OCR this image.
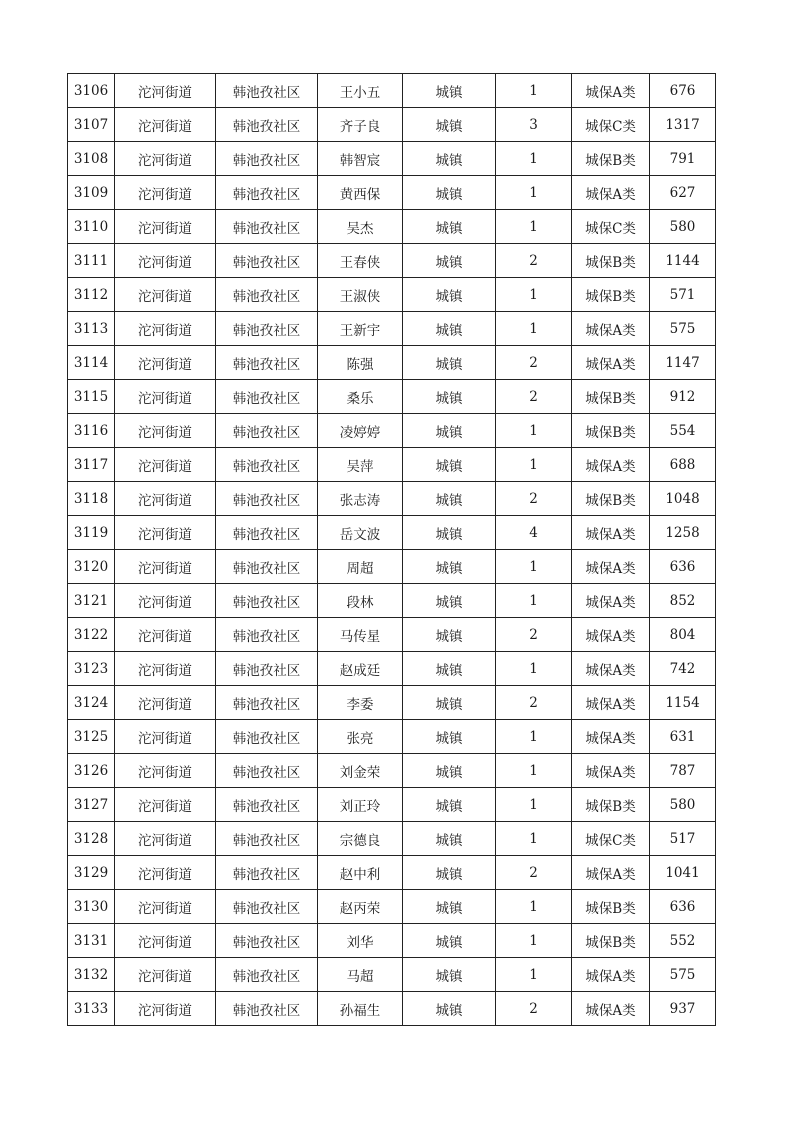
3106	沱河街道	韩池孜社区	王小五	城镇	1	城保A类	676
3107	沱河街道	韩池孜社区	齐子良	城镇	3	城保C类	1317
3108	沱河街道	韩池孜社区	韩智宸	城镇	1	城保B类	791
3109	沱河街道	韩池孜社区	黄西保	城镇	1	城保A类	627
3110	沱河街道	韩池孜社区	吴杰	城镇	1	城保C类	580
3111	沱河街道	韩池孜社区	王春侠	城镇	2	城保B类	1144
3112	沱河街道	韩池孜社区	王淑侠	城镇	1	城保B类	571
3113	沱河街道	韩池孜社区	王新宇	城镇	1	城保A类	575
3114	沱河街道	韩池孜社区	陈强	城镇	2	城保A类	1147
3115	沱河街道	韩池孜社区	桑乐	城镇	2	城保B类	912
3116	沱河街道	韩池孜社区	凌婷婷	城镇	1	城保B类	554
3117	沱河街道	韩池孜社区	吴萍	城镇	1	城保A类	688
3118	沱河街道	韩池孜社区	张志涛	城镇	2	城保B类	1048
3119	沱河街道	韩池孜社区	岳文波	城镇	4	城保A类	1258
3120	沱河街道	韩池孜社区	周超	城镇	1	城保A类	636
3121	沱河街道	韩池孜社区	段林	城镇	1	城保A类	852
3122	沱河街道	韩池孜社区	马传星	城镇	2	城保A类	804
3123	沱河街道	韩池孜社区	赵成廷	城镇	1	城保A类	742
3124	沱河街道	韩池孜社区	李委	城镇	2	城保A类	1154
3125	沱河街道	韩池孜社区	张亮	城镇	1	城保A类	631
3126	沱河街道	韩池孜社区	刘金荣	城镇	1	城保A类	787
3127	沱河街道	韩池孜社区	刘正玲	城镇	1	城保B类	580
3128	沱河街道	韩池孜社区	宗德良	城镇	1	城保C类	517
3129	沱河街道	韩池孜社区	赵中利	城镇	2	城保A类	1041
3130	沱河街道	韩池孜社区	赵丙荣	城镇	1	城保B类	636
3131	沱河街道	韩池孜社区	刘华	城镇	1	城保B类	552
3132	沱河街道	韩池孜社区	马超	城镇	1	城保A类	575
3133	沱河街道	韩池孜社区	孙福生	城镇	2	城保A类	937
